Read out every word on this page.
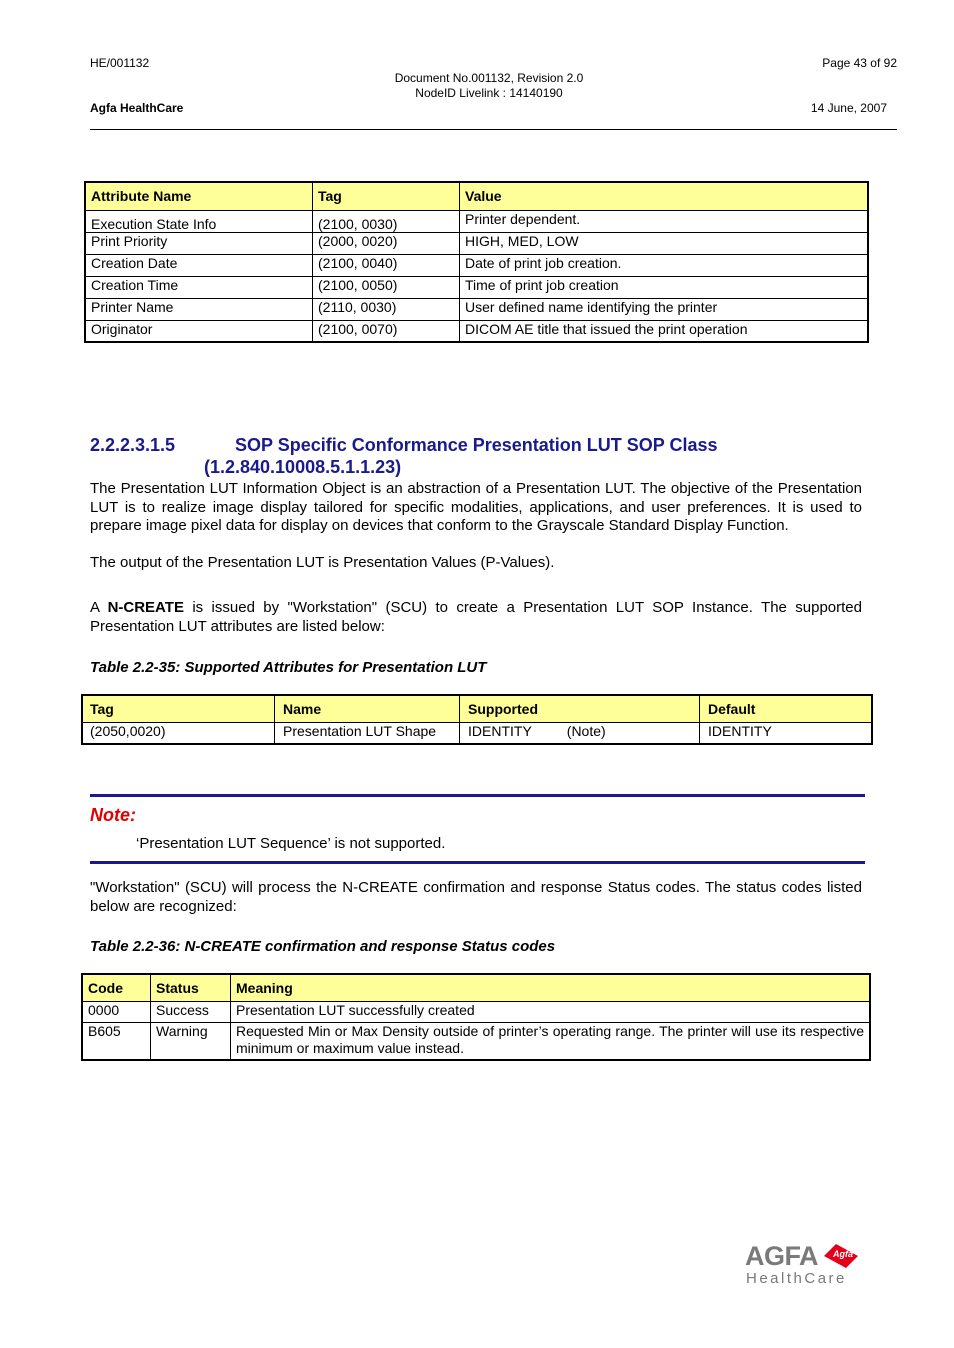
HE/001132	Page 43 of 92
Document No.001132, Revision 2.0
NodeID Livelink : 14140190
Agfa HealthCare	14 June, 2007
Attribute Name	Tag	Value
Execution State Info	(2100, 0030)	Printer dependent.
Print Priority	(2000, 0020)	HIGH, MED, LOW
Creation Date	(2100, 0040)	Date of print job creation.
Creation Time	(2100, 0050)	Time of print job creation
Printer Name	(2110, 0030)	User defined name identifying the printer
Originator	(2100, 0070)	DICOM AE title that issued the print operation
2.2.2.3.1.5	SOP Specific Conformance Presentation LUT SOP Class
(1.2.840.10008.5.1.1.23)
The Presentation LUT Information Object is an abstraction of a Presentation LUT. The objective of the Presentation LUT is to realize image display tailored for specific modalities, applications, and user preferences. It is used to prepare image pixel data for display on devices that conform to the Grayscale Standard Display Function.
The output of the Presentation LUT is Presentation Values (P-Values).
A N-CREATE is issued by "Workstation" (SCU) to create a Presentation LUT SOP Instance. The supported Presentation LUT attributes are listed below:
Table 2.2-35: Supported Attributes for Presentation LUT
Tag	Name	Supported	Default
(2050,0020)	Presentation LUT Shape	IDENTITY (Note)	IDENTITY
Note:
‘Presentation LUT Sequence’ is not supported.
"Workstation" (SCU) will process the N-CREATE confirmation and response Status codes. The status codes listed below are recognized:
Table 2.2-36: N-CREATE confirmation and response Status codes
Code	Status	Meaning
0000	Success	Presentation LUT successfully created
B605	Warning	Requested Min or Max Density outside of printer’s operating range. The printer will use its respective minimum or maximum value instead.
AGFA Agfa
HealthCare
